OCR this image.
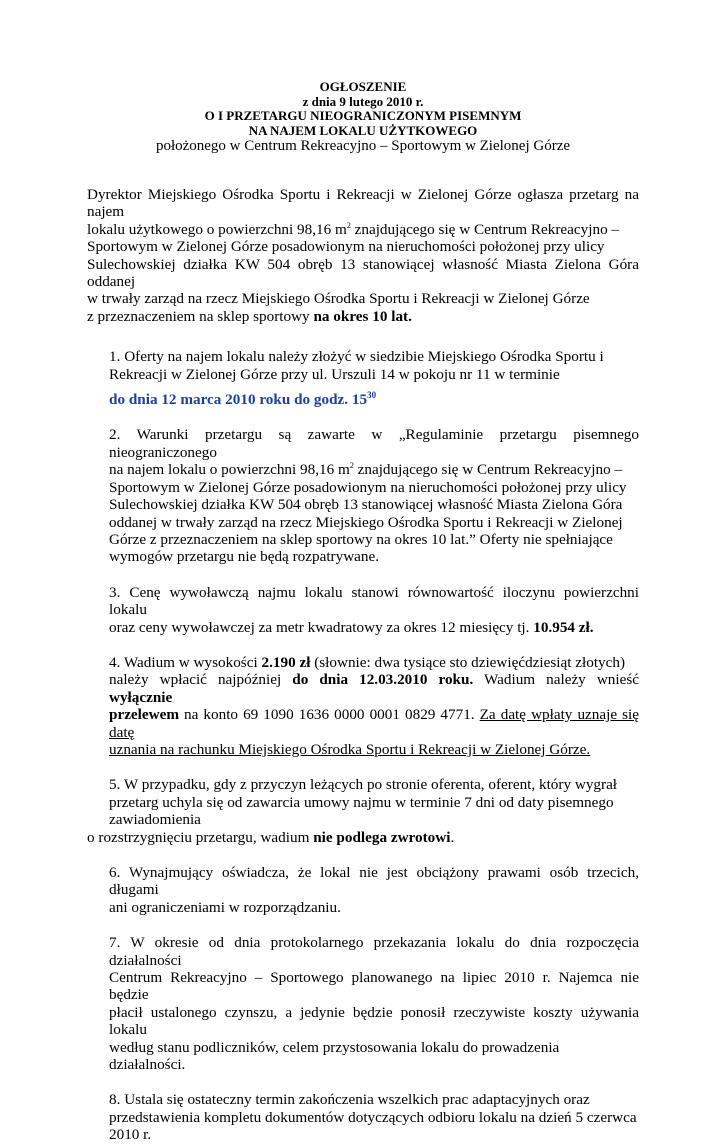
OGŁOSZENIE
z dnia 9 lutego 2010 r.
O I PRZETARGU NIEOGRANICZONYM PISEMNYM
NA NAJEM LOKALU UŻYTKOWEGO
położonego w Centrum Rekreacyjno – Sportowym w Zielonej Górze
Dyrektor Miejskiego Ośrodka Sportu i Rekreacji w Zielonej Górze ogłasza przetarg na najem
lokalu użytkowego o powierzchni 98,16 $m^2$ znajdującego się w Centrum Rekreacyjno –
Sportowym w Zielonej Górze posadowionym na nieruchomości położonej przy ulicy
Sulechowskiej działka KW 504 obręb 13 stanowiącej własność Miasta Zielona Góra oddanej
w trwały zarząd na rzecz Miejskiego Ośrodka Sportu i Rekreacji w Zielonej Górze
z przeznaczeniem na sklep sportowy na okres 10 lat.
1. Oferty na najem lokalu należy złożyć w siedzibie Miejskiego Ośrodka Sportu i
Rekreacji w Zielonej Górze przy ul. Urszuli 14 w pokoju nr 11 w terminie
do dnia 12 marca 2010 roku do godz. $15^{30}$
2. Warunki przetargu są zawarte w „Regulaminie przetargu pisemnego nieograniczonego
na najem lokalu o powierzchni 98,16 $m^2$ znajdującego się w Centrum Rekreacyjno –
Sportowym w Zielonej Górze posadowionym na nieruchomości położonej przy ulicy
Sulechowskiej działka KW 504 obręb 13 stanowiącej własność Miasta Zielona Góra
oddanej w trwały zarząd na rzecz Miejskiego Ośrodka Sportu i Rekreacji w Zielonej
Górze z przeznaczeniem na sklep sportowy na okres 10 lat.” Oferty nie spełniające
wymogów przetargu nie będą rozpatrywane.
3. Cenę wywoławczą najmu lokalu stanowi równowartość iloczynu powierzchni lokalu
oraz ceny wywoławczej za metr kwadratowy za okres 12 miesięcy tj. 10.954 zł.
4. Wadium w wysokości 2.190 zł (słownie: dwa tysiące sto dziewięćdziesiąt złotych)
należy wpłacić najpóźniej do dnia 12.03.2010 roku. Wadium należy wnieść wyłącznie
przelewem na konto 69 1090 1636 0000 0001 0829 4771. Za datę wpłaty uznaje się datę
uznania na rachunku Miejskiego Ośrodka Sportu i Rekreacji w Zielonej Górze.
5. W przypadku, gdy z przyczyn leżących po stronie oferenta, oferent, który wygrał
przetarg uchyla się od zawarcia umowy najmu w terminie 7 dni od daty pisemnego
zawiadomienia
o rozstrzygnięciu przetargu, wadium nie podlega zwrotowi.
6. Wynajmujący oświadcza, że lokal nie jest obciążony prawami osób trzecich, długami
ani ograniczeniami w rozporządzaniu.
7. W okresie od dnia protokolarnego przekazania lokalu do dnia rozpoczęcia działalności
Centrum Rekreacyjno – Sportowego planowanego na lipiec 2010 r. Najemca nie będzie
płacił ustalonego czynszu, a jedynie będzie ponosił rzeczywiste koszty używania lokalu
według stanu podliczników, celem przystosowania lokalu do prowadzenia działalności.
8. Ustala się ostateczny termin zakończenia wszelkich prac adaptacyjnych oraz
przedstawienia kompletu dokumentów dotyczących odbioru lokalu na dzień 5 czerwca
2010 r.
